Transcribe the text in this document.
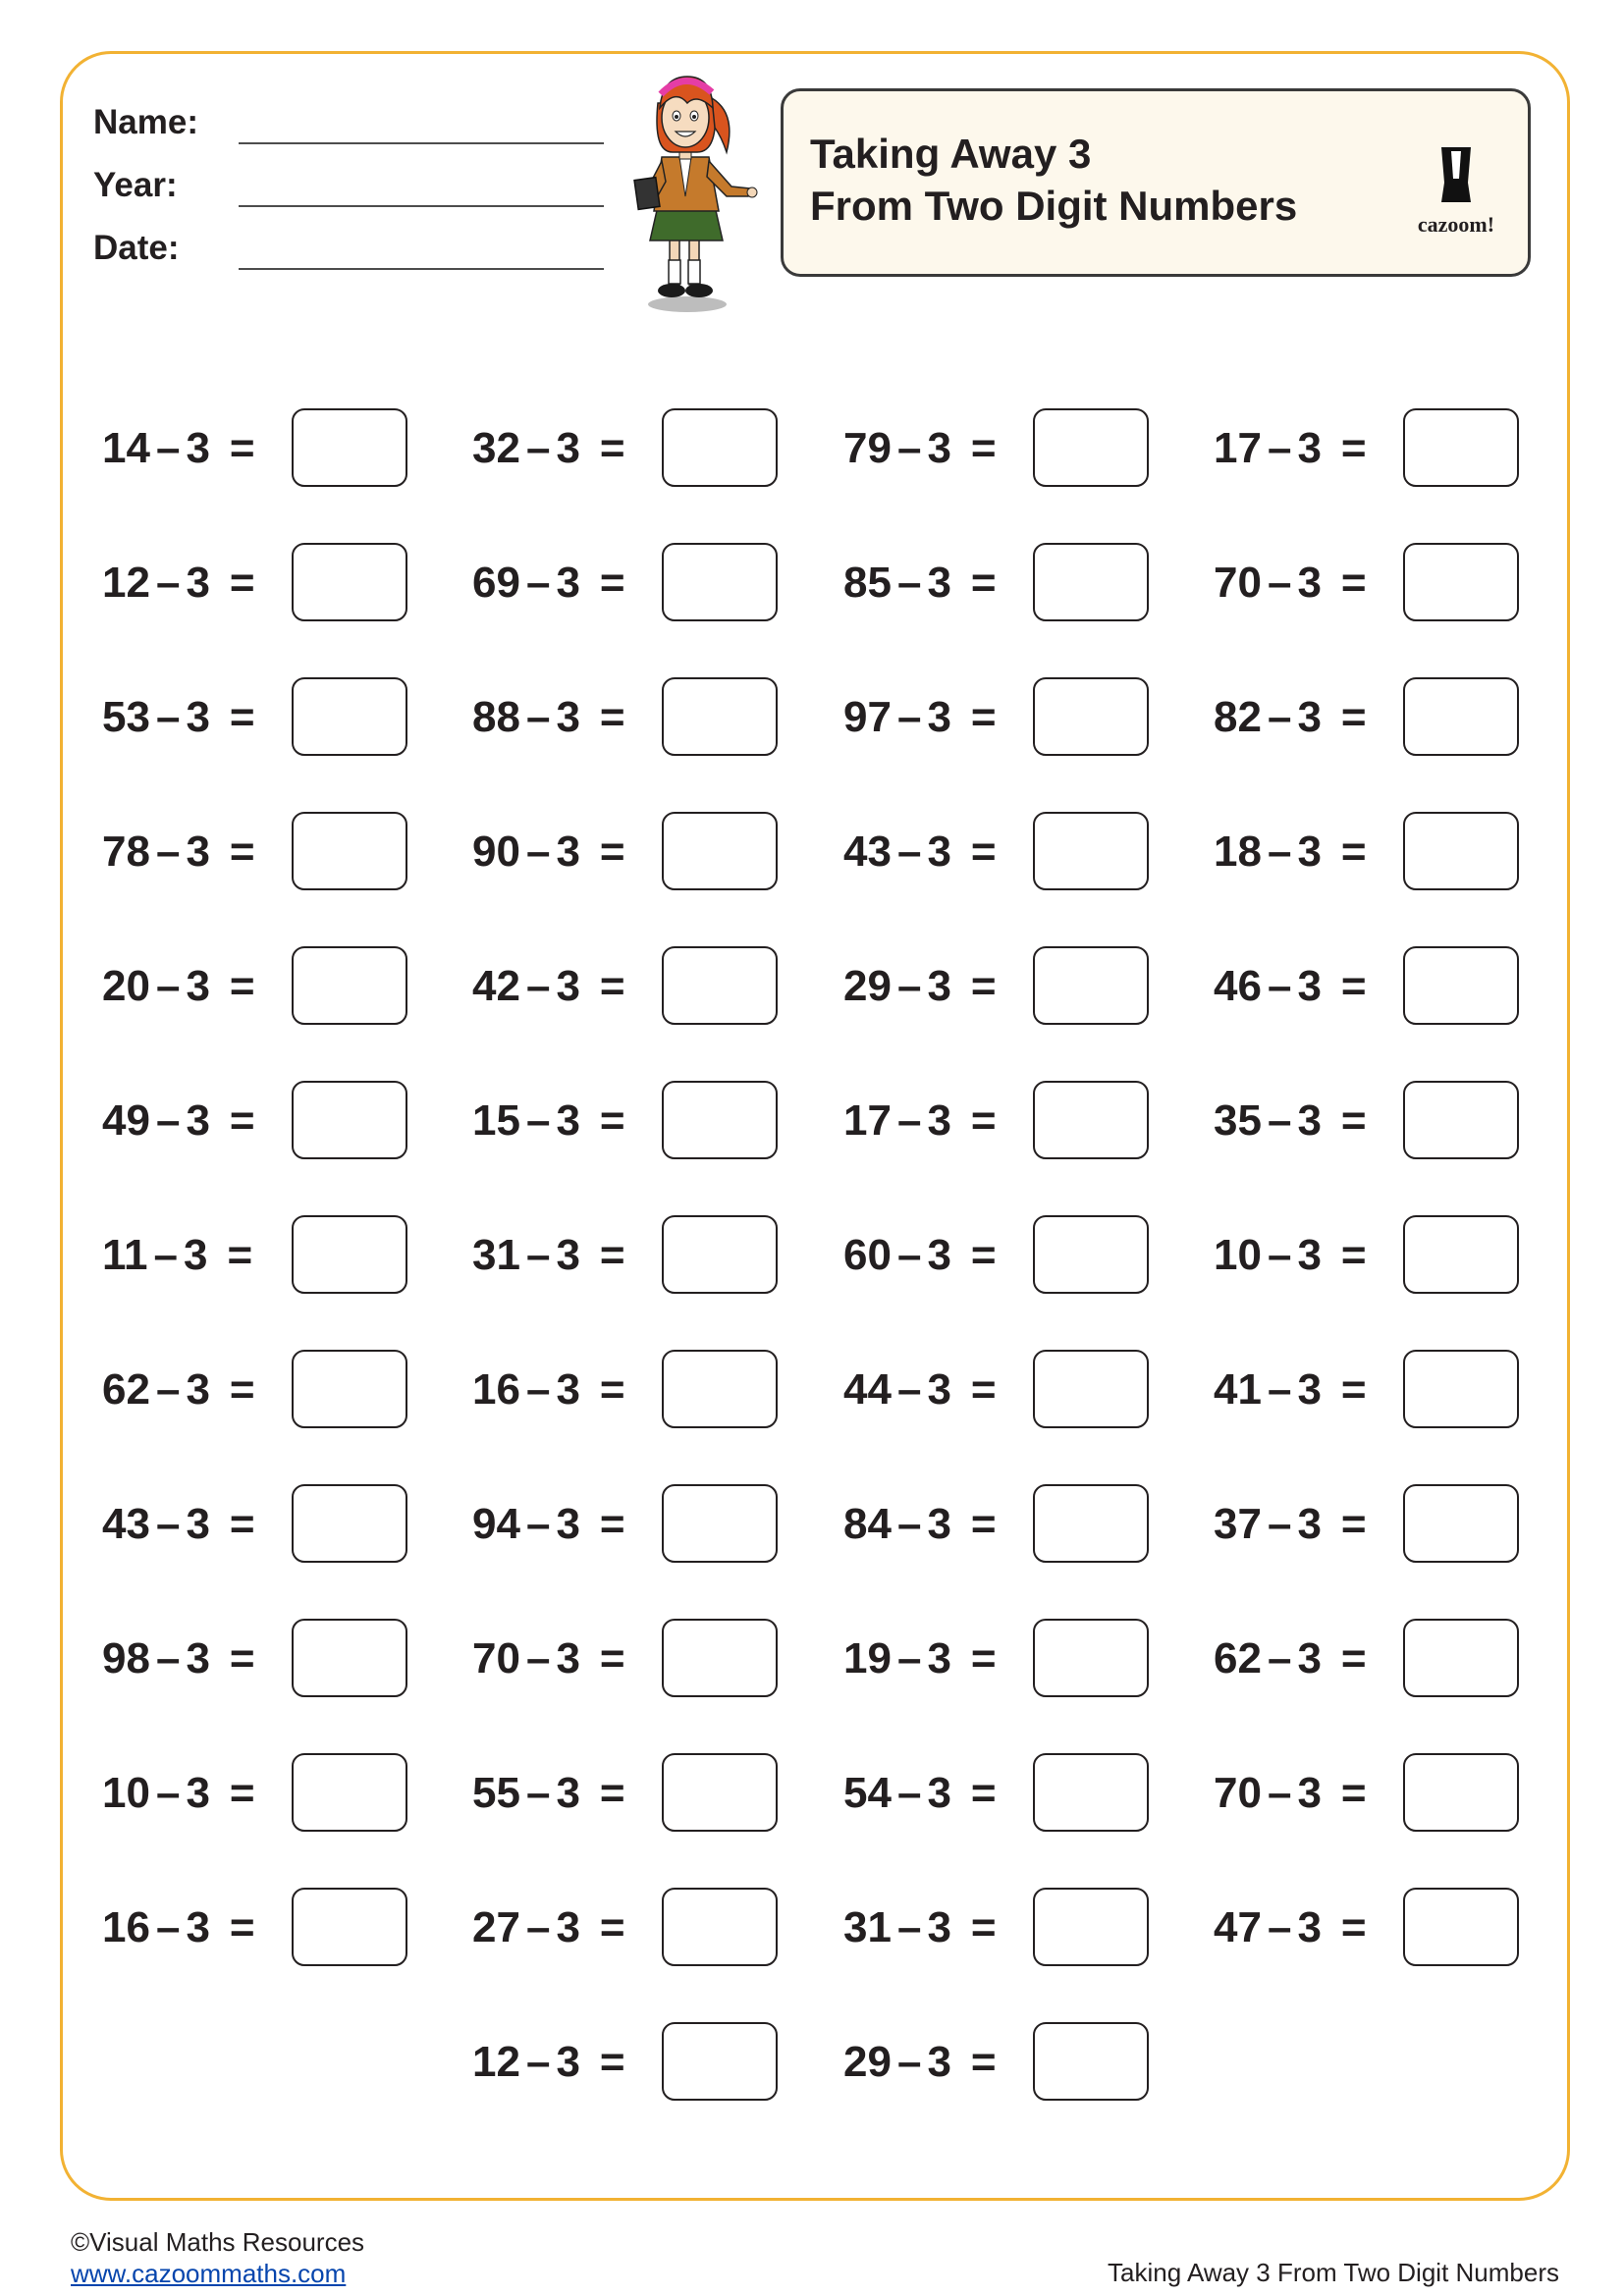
Name:
Year:
Date:
Taking Away 3
From Two Digit Numbers	cazoom!
14 – 3 =	32 – 3 =	79 – 3 =	17 – 3 =
12 – 3 =	69 – 3 =	85 – 3 =	70 – 3 =
53 – 3 =	88 – 3 =	97 – 3 =	82 – 3 =
78 – 3 =	90 – 3 =	43 – 3 =	18 – 3 =
20 – 3 =	42 – 3 =	29 – 3 =	46 – 3 =
49 – 3 =	15 – 3 =	17 – 3 =	35 – 3 =
11 – 3 =	31 – 3 =	60 – 3 =	10 – 3 =
62 – 3 =	16 – 3 =	44 – 3 =	41 – 3 =
43 – 3 =	94 – 3 =	84 – 3 =	37 – 3 =
98 – 3 =	70 – 3 =	19 – 3 =	62 – 3 =
10 – 3 =	55 – 3 =	54 – 3 =	70 – 3 =
16 – 3 =	27 – 3 =	31 – 3 =	47 – 3 =
12 – 3 =	29 – 3 =
©Visual Maths Resources
www.cazoommaths.com	Taking Away 3 From Two Digit Numbers
